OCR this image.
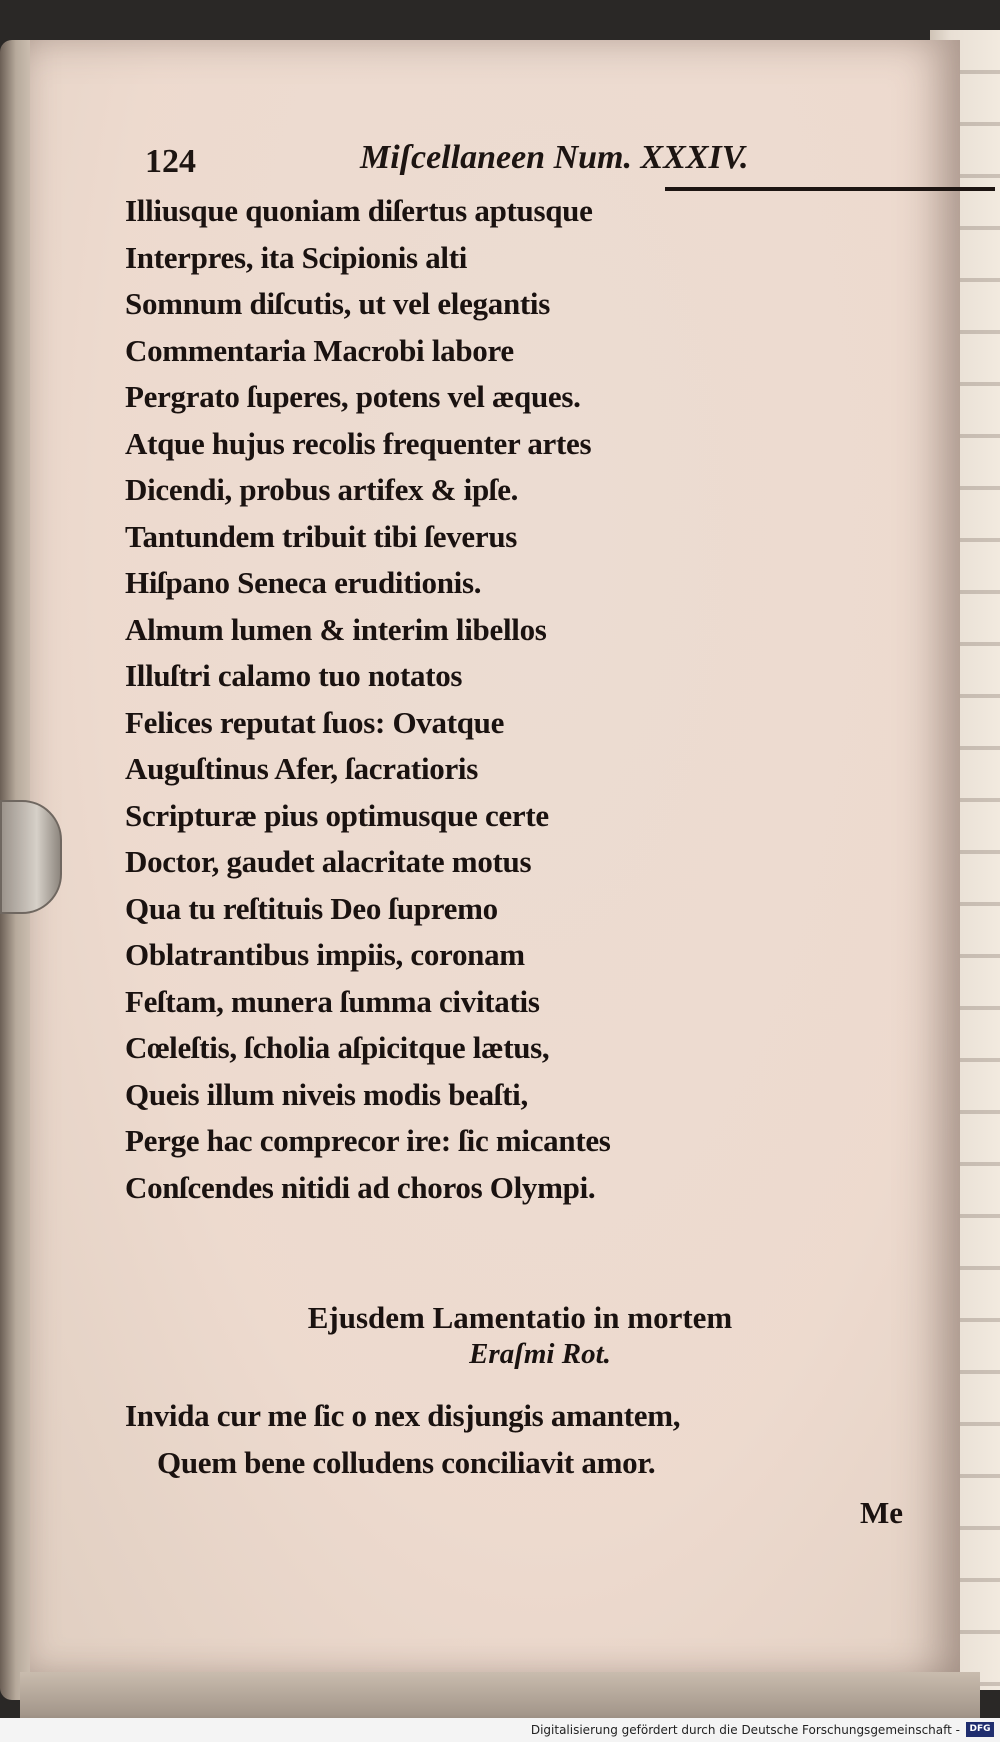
124	Miſcellaneen Num. XXXIV.
Illiusque quoniam diſertus aptusque
Interpres, ita Scipionis alti
Somnum diſcutis, ut vel elegantis
Commentaria Macrobi labore
Pergrato ſuperes, potens vel æques.
Atque hujus recolis frequenter artes
Dicendi, probus artifex & ipſe.
Tantundem tribuit tibi ſeverus
Hiſpano Seneca eruditionis.
Almum lumen & interim libellos
Illuſtri calamo tuo notatos
Felices reputat ſuos: Ovatque
Auguſtinus Afer, ſacratioris
Scripturæ pius optimusque certe
Doctor, gaudet alacritate motus
Qua tu reſtituis Deo ſupremo
Oblatrantibus impiis, coronam
Feſtam, munera ſumma civitatis
Cœleſtis, ſcholia aſpicitque lætus,
Queis illum niveis modis beaſti,
Perge hac comprecor ire: ſic micantes
Conſcendes nitidi ad choros Olympi.
Ejusdem Lamentatio in mortem
Eraſmi Rot.
Invida cur me ſic o nex disjungis amantem,
Quem bene colludens conciliavit amor.
Me
Digitalisierung gefördert durch die Deutsche Forschungsgemeinschaft -	DFG
